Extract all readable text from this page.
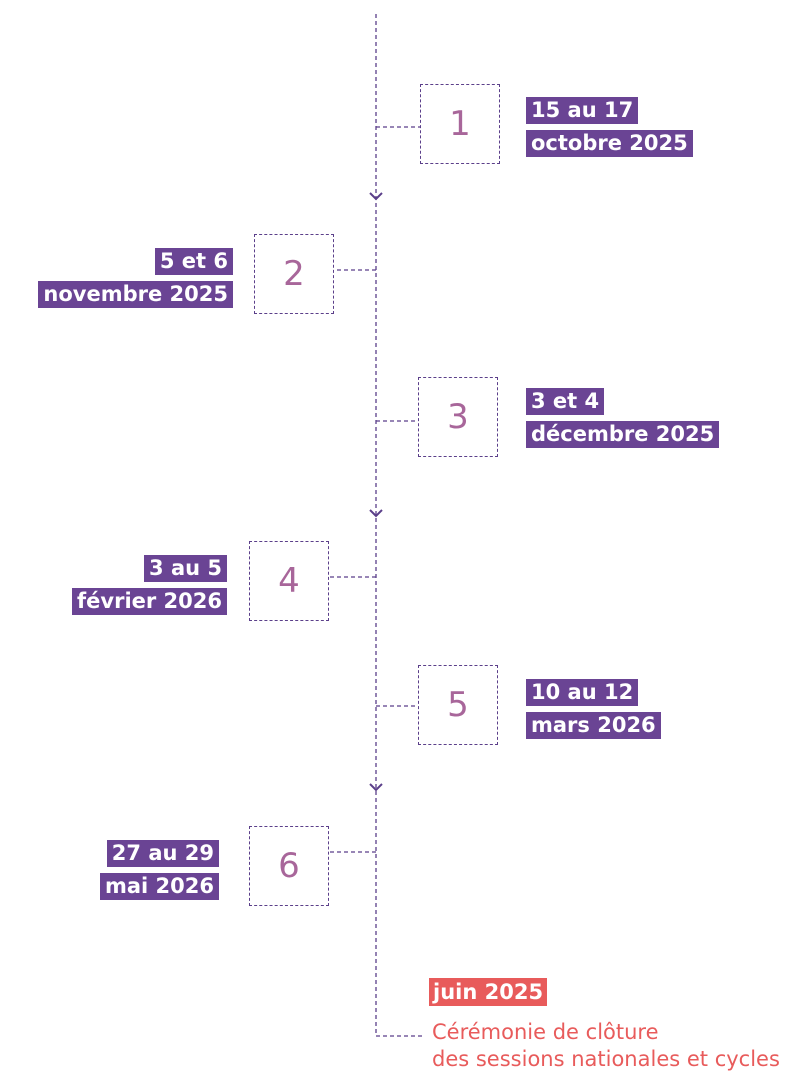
1	15 au 17
octobre 2025
2
5 et 6
novembre 2025
3	3 et 4
décembre 2025
4
3 au 5
février 2026
5	10 au 12
mars 2026
6
27 au 29
mai 2026
juin 2025
Cérémonie de clôture
des sessions nationales et cycles
